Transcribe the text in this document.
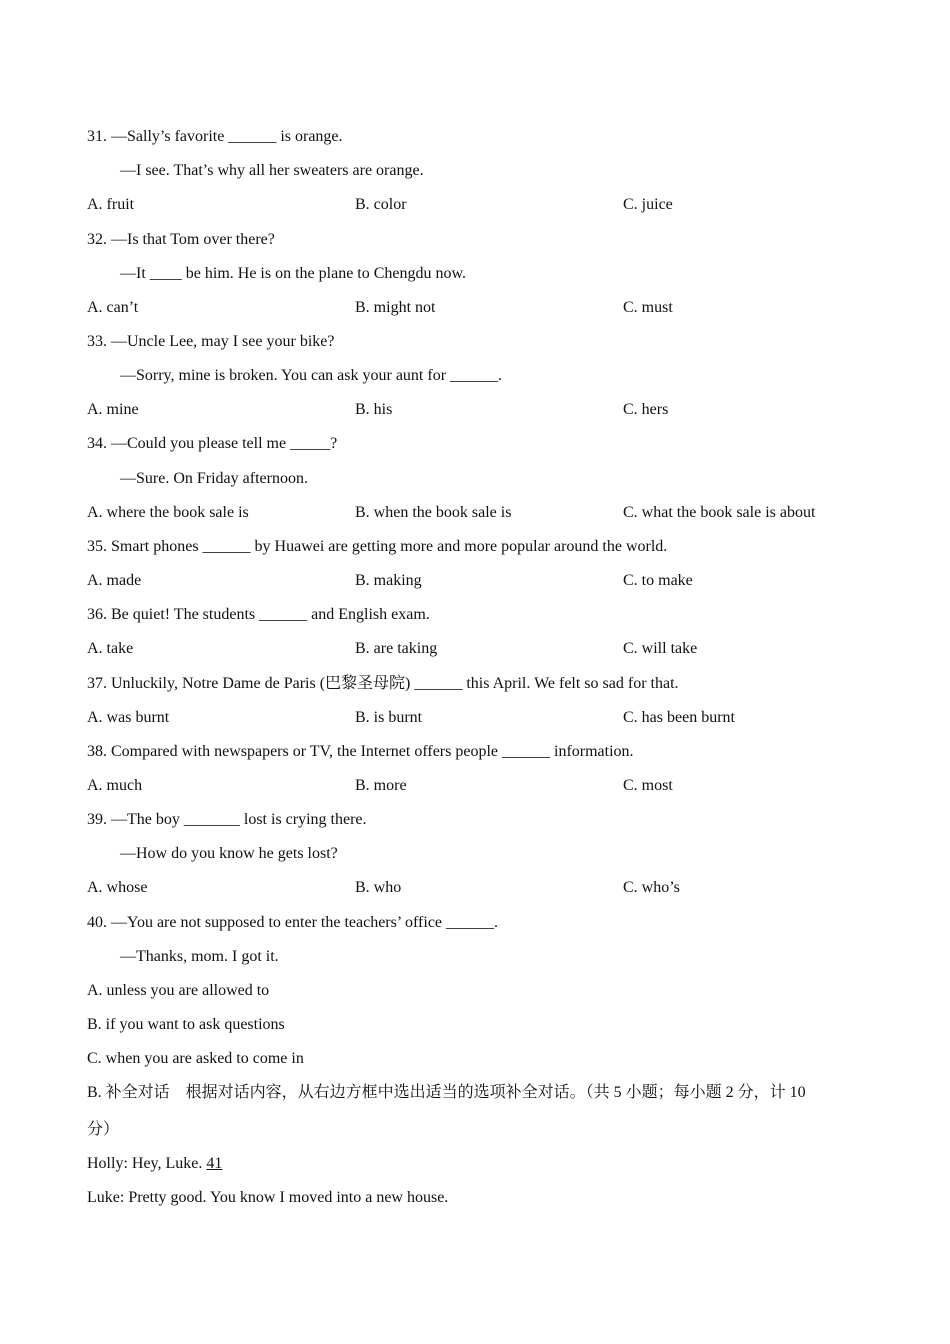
31. —Sally’s favorite ______ is orange.
—I see. That’s why all her sweaters are orange.
A. fruit	B. color	C. juice
32. —Is that Tom over there?
—It ____ be him. He is on the plane to Chengdu now.
A. can’t	B. might not	C. must
33. —Uncle Lee, may I see your bike?
—Sorry, mine is broken. You can ask your aunt for ______.
A. mine	B. his	C. hers
34. —Could you please tell me _____?
—Sure. On Friday afternoon.
A. where the book sale is	B. when the book sale is	C. what the book sale is about
35. Smart phones ______ by Huawei are getting more and more popular around the world.
A. made	B. making	C. to make
36. Be quiet! The students ______ and English exam.
A. take	B. are taking	C. will take
37. Unluckily, Notre Dame de Paris (巴黎圣母院) ______ this April. We felt so sad for that.
A. was burnt	B. is burnt	C. has been burnt
38. Compared with newspapers or TV, the Internet offers people ______ information.
A. much	B. more	C. most
39. —The boy _______ lost is crying there.
—How do you know he gets lost?
A. whose	B. who	C. who’s
40. —You are not supposed to enter the teachers’ office ______.
—Thanks, mom. I got it.
A. unless you are allowed to
B. if you want to ask questions
C. when you are asked to come in
B. 补全对话　根据对话内容，从右边方框中选出适当的选项补全对话。（共 5 小题；每小题 2 分，计 10
分）
Holly: Hey, Luke. 41
Luke: Pretty good. You know I moved into a new house.
